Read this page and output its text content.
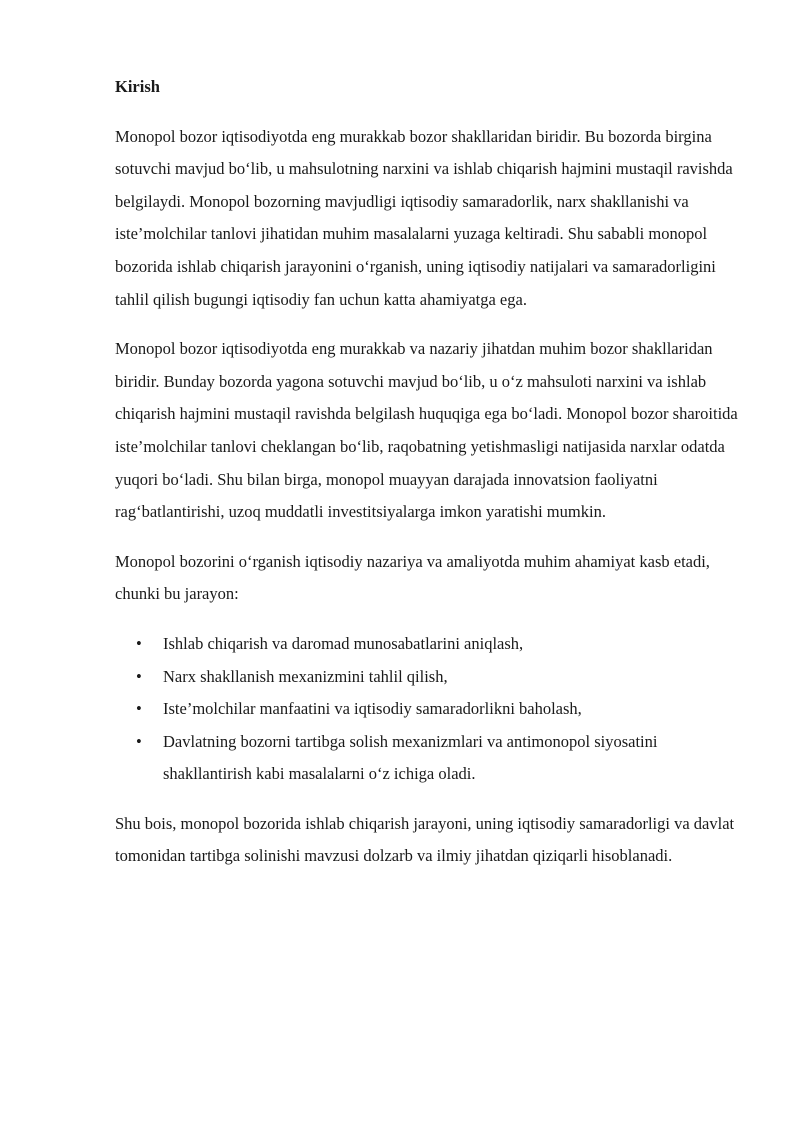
Kirish

Monopol bozor iqtisodiyotda eng murakkab bozor shakllaridan biridir. Bu bozorda birgina sotuvchi mavjud bo‘lib, u mahsulotning narxini va ishlab chiqarish hajmini mustaqil ravishda belgilaydi. Monopol bozorning mavjudligi iqtisodiy samaradorlik, narx shakllanishi va iste’molchilar tanlovi jihatidan muhim masalalarni yuzaga keltiradi. Shu sababli monopol bozorida ishlab chiqarish jarayonini o‘rganish, uning iqtisodiy natijalari va samaradorligini tahlil qilish bugungi iqtisodiy fan uchun katta ahamiyatga ega.

Monopol bozor iqtisodiyotda eng murakkab va nazariy jihatdan muhim bozor shakllaridan biridir. Bunday bozorda yagona sotuvchi mavjud bo‘lib, u o‘z mahsuloti narxini va ishlab chiqarish hajmini mustaqil ravishda belgilash huquqiga ega bo‘ladi. Monopol bozor sharoitida iste’molchilar tanlovi cheklangan bo‘lib, raqobatning yetishmasligi natijasida narxlar odatda yuqori bo‘ladi. Shu bilan birga, monopol muayyan darajada innovatsion faoliyatni rag‘batlantirishi, uzoq muddatli investitsiyalarga imkon yaratishi mumkin.

Monopol bozorini o‘rganish iqtisodiy nazariya va amaliyotda muhim ahamiyat kasb etadi, chunki bu jarayon:

• Ishlab chiqarish va daromad munosabatlarini aniqlash,
• Narx shakllanish mexanizmini tahlil qilish,
• Iste’molchilar manfaatini va iqtisodiy samaradorlikni baholash,
• Davlatning bozorni tartibga solish mexanizmlari va antimonopol siyosatini shakllantirish kabi masalalarni o‘z ichiga oladi.

Shu bois, monopol bozorida ishlab chiqarish jarayoni, uning iqtisodiy samaradorligi va davlat tomonidan tartibga solinishi mavzusi dolzarb va ilmiy jihatdan qiziqarli hisoblanadi.
